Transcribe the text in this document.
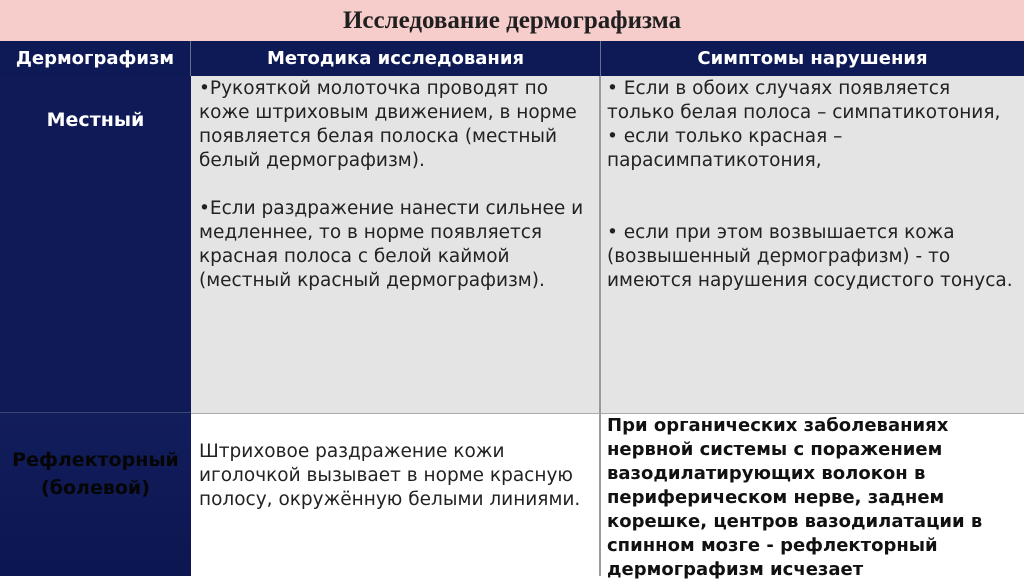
Исследование дермографизма
Дермографизм	Методика исследования	Симптомы нарушения
Местный
Рефлекторный (болевой)

•Рукояткой молоточка проводят по коже штриховым движением, в норме появляется белая полоска (местный белый дермографизм).

•Если раздражение нанести сильнее и медленнее, то в норме появляется красная полоса с белой каймой (местный красный дермографизм).

• Если в обоих случаях появляется только белая полоса – симпатикотония,

• если только красная – парасимпатикотония,

• если при этом возвышается кожа (возвышенный дермографизм) - то имеются нарушения сосудистого тонуса.

Штриховое раздражение кожи иголочкой вызывает в норме красную полосу, окружённую белыми линиями.

При органических заболеваниях нервной системы с поражением вазодилатирующих волокон в периферическом нерве, заднем корешке, центров вазодилатации в спинном мозге - рефлекторный дермографизм исчезает
